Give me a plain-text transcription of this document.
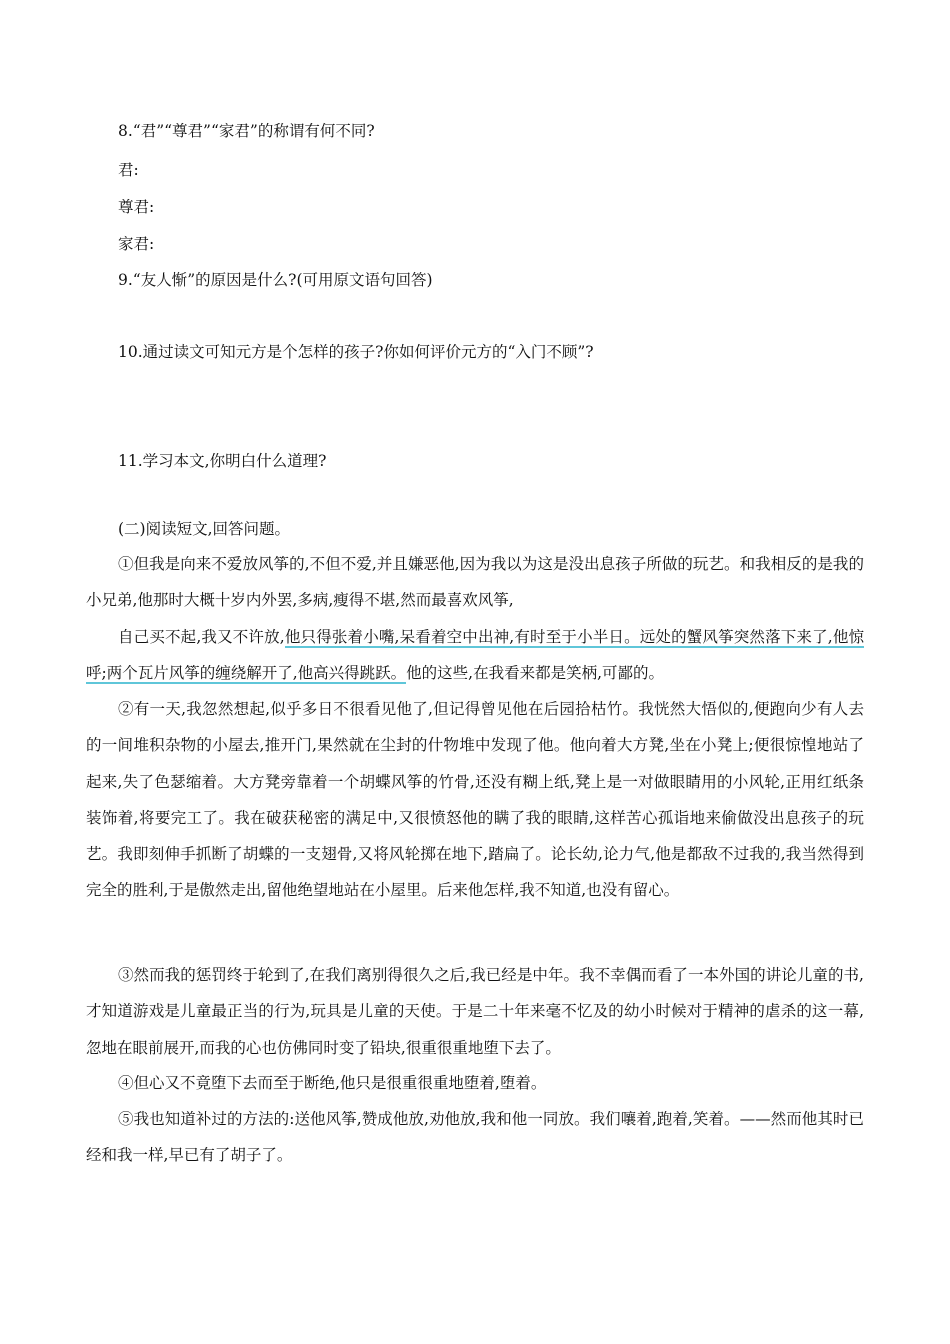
8.“君”“尊君”“家君”的称谓有何不同?
君:
尊君:
家君:
9.“友人惭”的原因是什么?(可用原文语句回答)
10.通过读文可知元方是个怎样的孩子?你如何评价元方的“入门不顾”?
11.学习本文,你明白什么道理?
(二)阅读短文,回答问题。
①但我是向来不爱放风筝的,不但不爱,并且嫌恶他,因为我以为这是没出息孩子所做的玩艺。和我相反的是我的小兄弟,他那时大概十岁内外罢,多病,瘦得不堪,然而最喜欢风筝,
自己买不起,我又不许放,他只得张着小嘴,呆看着空中出神,有时至于小半日。远处的蟹风筝突然落下来了,他惊呼;两个瓦片风筝的缠绕解开了,他高兴得跳跃。他的这些,在我看来都是笑柄,可鄙的。
②有一天,我忽然想起,似乎多日不很看见他了,但记得曾见他在后园拾枯竹。我恍然大悟似的,便跑向少有人去的一间堆积杂物的小屋去,推开门,果然就在尘封的什物堆中发现了他。他向着大方凳,坐在小凳上;便很惊惶地站了起来,失了色瑟缩着。大方凳旁靠着一个胡蝶风筝的竹骨,还没有糊上纸,凳上是一对做眼睛用的小风轮,正用红纸条装饰着,将要完工了。我在破获秘密的满足中,又很愤怒他的瞒了我的眼睛,这样苦心孤诣地来偷做没出息孩子的玩艺。我即刻伸手抓断了胡蝶的一支翅骨,又将风轮掷在地下,踏扁了。论长幼,论力气,他是都敌不过我的,我当然得到完全的胜利,于是傲然走出,留他绝望地站在小屋里。后来他怎样,我不知道,也没有留心。
③然而我的惩罚终于轮到了,在我们离别得很久之后,我已经是中年。我不幸偶而看了一本外国的讲论儿童的书,才知道游戏是儿童最正当的行为,玩具是儿童的天使。于是二十年来毫不忆及的幼小时候对于精神的虐杀的这一幕,忽地在眼前展开,而我的心也仿佛同时变了铅块,很重很重地堕下去了。
④但心又不竟堕下去而至于断绝,他只是很重很重地堕着,堕着。
⑤我也知道补过的方法的:送他风筝,赞成他放,劝他放,我和他一同放。我们嚷着,跑着,笑着。——然而他其时已经和我一样,早已有了胡子了。
